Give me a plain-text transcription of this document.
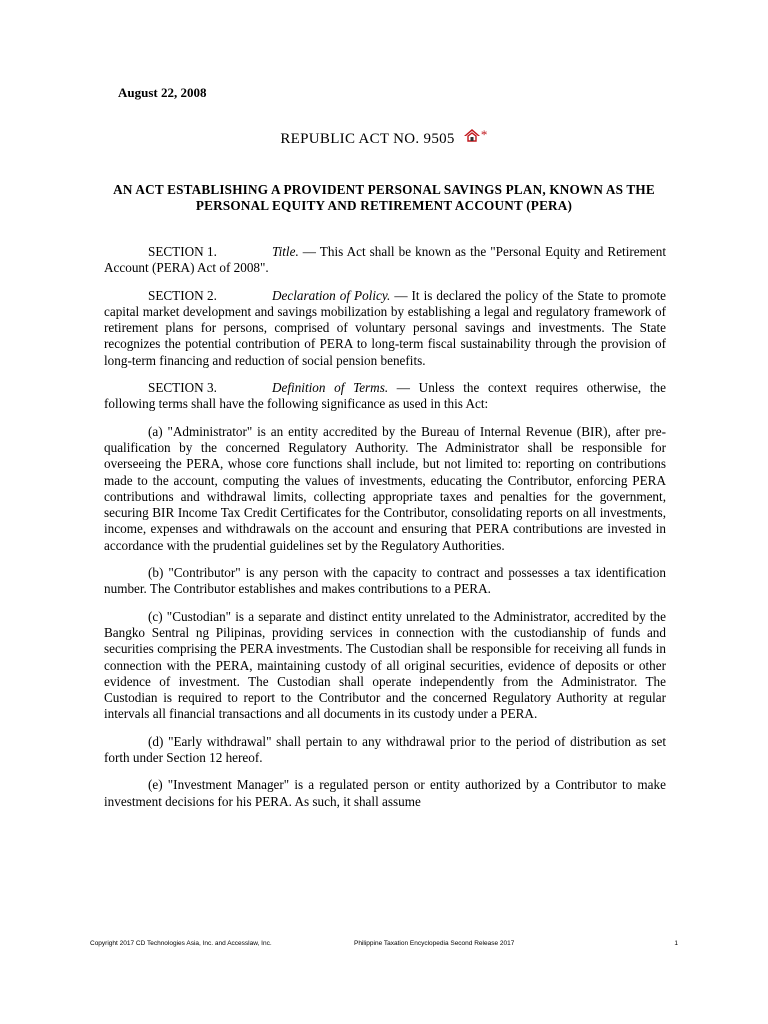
August 22, 2008
REPUBLIC ACT NO. 9505 *
AN ACT ESTABLISHING A PROVIDENT PERSONAL SAVINGS PLAN, KNOWN AS THE PERSONAL EQUITY AND RETIREMENT ACCOUNT (PERA)

SECTION 1.	Title. — This Act shall be known as the "Personal Equity and Retirement Account (PERA) Act of 2008".

SECTION 2.	Declaration of Policy. — It is declared the policy of the State to promote capital market development and savings mobilization by establishing a legal and regulatory framework of retirement plans for persons, comprised of voluntary personal savings and investments. The State recognizes the potential contribution of PERA to long-term fiscal sustainability through the provision of long-term financing and reduction of social pension benefits.

SECTION 3.	Definition of Terms. — Unless the context requires otherwise, the following terms shall have the following significance as used in this Act:

(a) "Administrator" is an entity accredited by the Bureau of Internal Revenue (BIR), after pre-qualification by the concerned Regulatory Authority. The Administrator shall be responsible for overseeing the PERA, whose core functions shall include, but not limited to: reporting on contributions made to the account, computing the values of investments, educating the Contributor, enforcing PERA contributions and withdrawal limits, collecting appropriate taxes and penalties for the government, securing BIR Income Tax Credit Certificates for the Contributor, consolidating reports on all investments, income, expenses and withdrawals on the account and ensuring that PERA contributions are invested in accordance with the prudential guidelines set by the Regulatory Authorities.

(b) "Contributor" is any person with the capacity to contract and possesses a tax identification number. The Contributor establishes and makes contributions to a PERA.

(c) "Custodian" is a separate and distinct entity unrelated to the Administrator, accredited by the Bangko Sentral ng Pilipinas, providing services in connection with the custodianship of funds and securities comprising the PERA investments. The Custodian shall be responsible for receiving all funds in connection with the PERA, maintaining custody of all original securities, evidence of deposits or other evidence of investment. The Custodian shall operate independently from the Administrator. The Custodian is required to report to the Contributor and the concerned Regulatory Authority at regular intervals all financial transactions and all documents in its custody under a PERA.

(d) "Early withdrawal" shall pertain to any withdrawal prior to the period of distribution as set forth under Section 12 hereof.

(e) "Investment Manager" is a regulated person or entity authorized by a Contributor to make investment decisions for his PERA. As such, it shall assume

Copyright 2017 CD Technologies Asia, Inc. and Accesslaw, Inc.	Philippine Taxation Encyclopedia Second Release 2017	1
